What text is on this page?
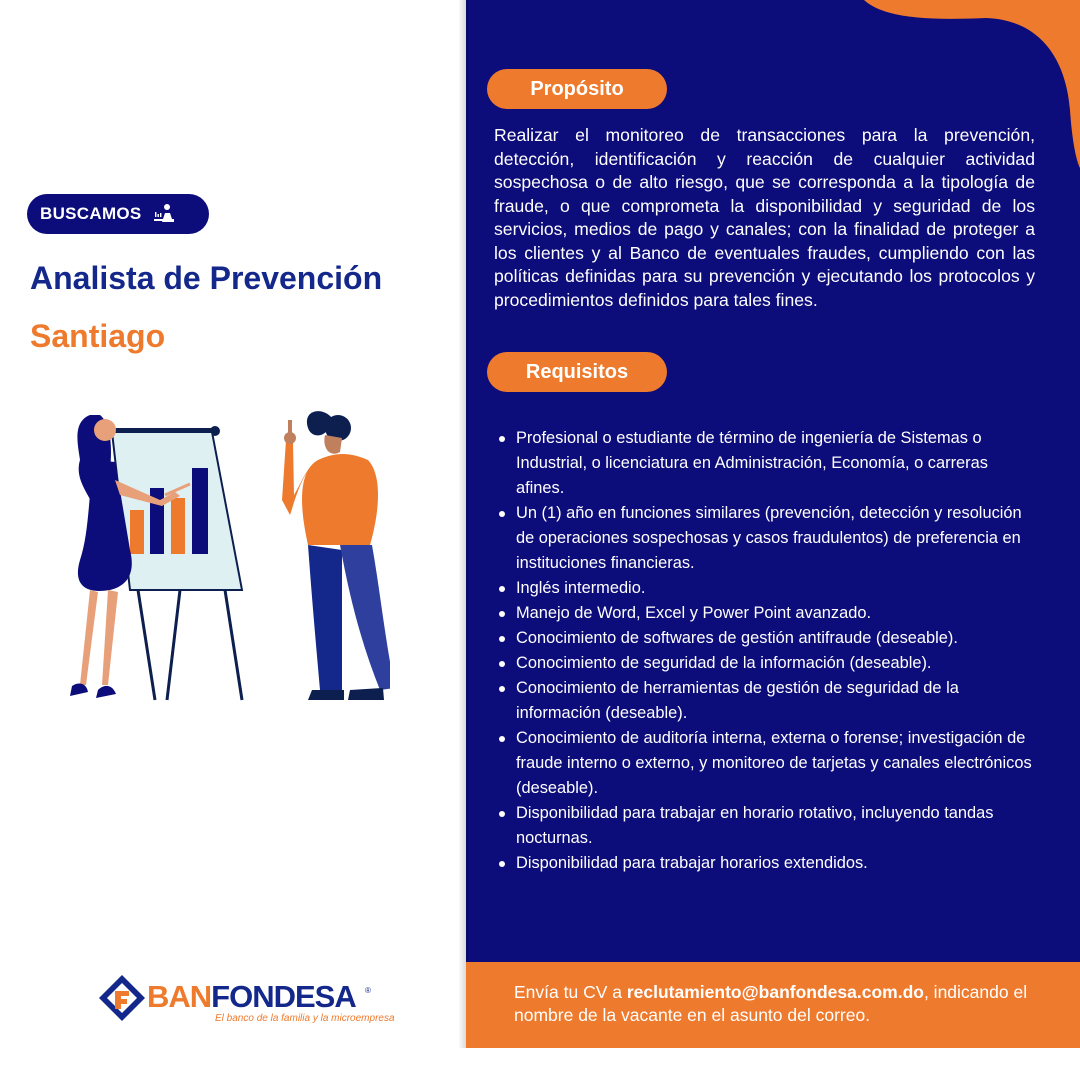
BUSCAMOS
Analista de Prevención
Santiago
Propósito

Realizar el monitoreo de transacciones para la prevención, detección, identificación y reacción de cualquier actividad sospechosa o de alto riesgo, que se corresponda a la tipología de fraude, o que comprometa la disponibilidad y seguridad de los servicios, medios de pago y canales; con la finalidad de proteger a los clientes y al Banco de eventuales fraudes, cumpliendo con las políticas definidas para su prevención y ejecutando los protocolos y procedimientos definidos para tales fines.

Requisitos
Profesional o estudiante de término de ingeniería de Sistemas o Industrial, o licenciatura en Administración, Economía, o carreras afines.
Un (1) año en funciones similares (prevención, detección y resolución de operaciones sospechosas y casos fraudulentos) de preferencia en instituciones financieras.
Inglés intermedio.
Manejo de Word, Excel y Power Point avanzado.
Conocimiento de softwares de gestión antifraude (deseable).
Conocimiento de seguridad de la información (deseable).
Conocimiento de herramientas de gestión de seguridad de la información (deseable).
Conocimiento de auditoría interna, externa o forense; investigación de fraude interno o externo, y monitoreo de tarjetas y canales electrónicos (deseable).
Disponibilidad para trabajar en horario rotativo, incluyendo tandas nocturnas.
Disponibilidad para trabajar horarios extendidos.
Envía tu CV a reclutamiento@banfondesa.com.do, indicando el nombre de la vacante en el asunto del correo.
BANFONDESA ®
El banco de la familia y la microempresa
